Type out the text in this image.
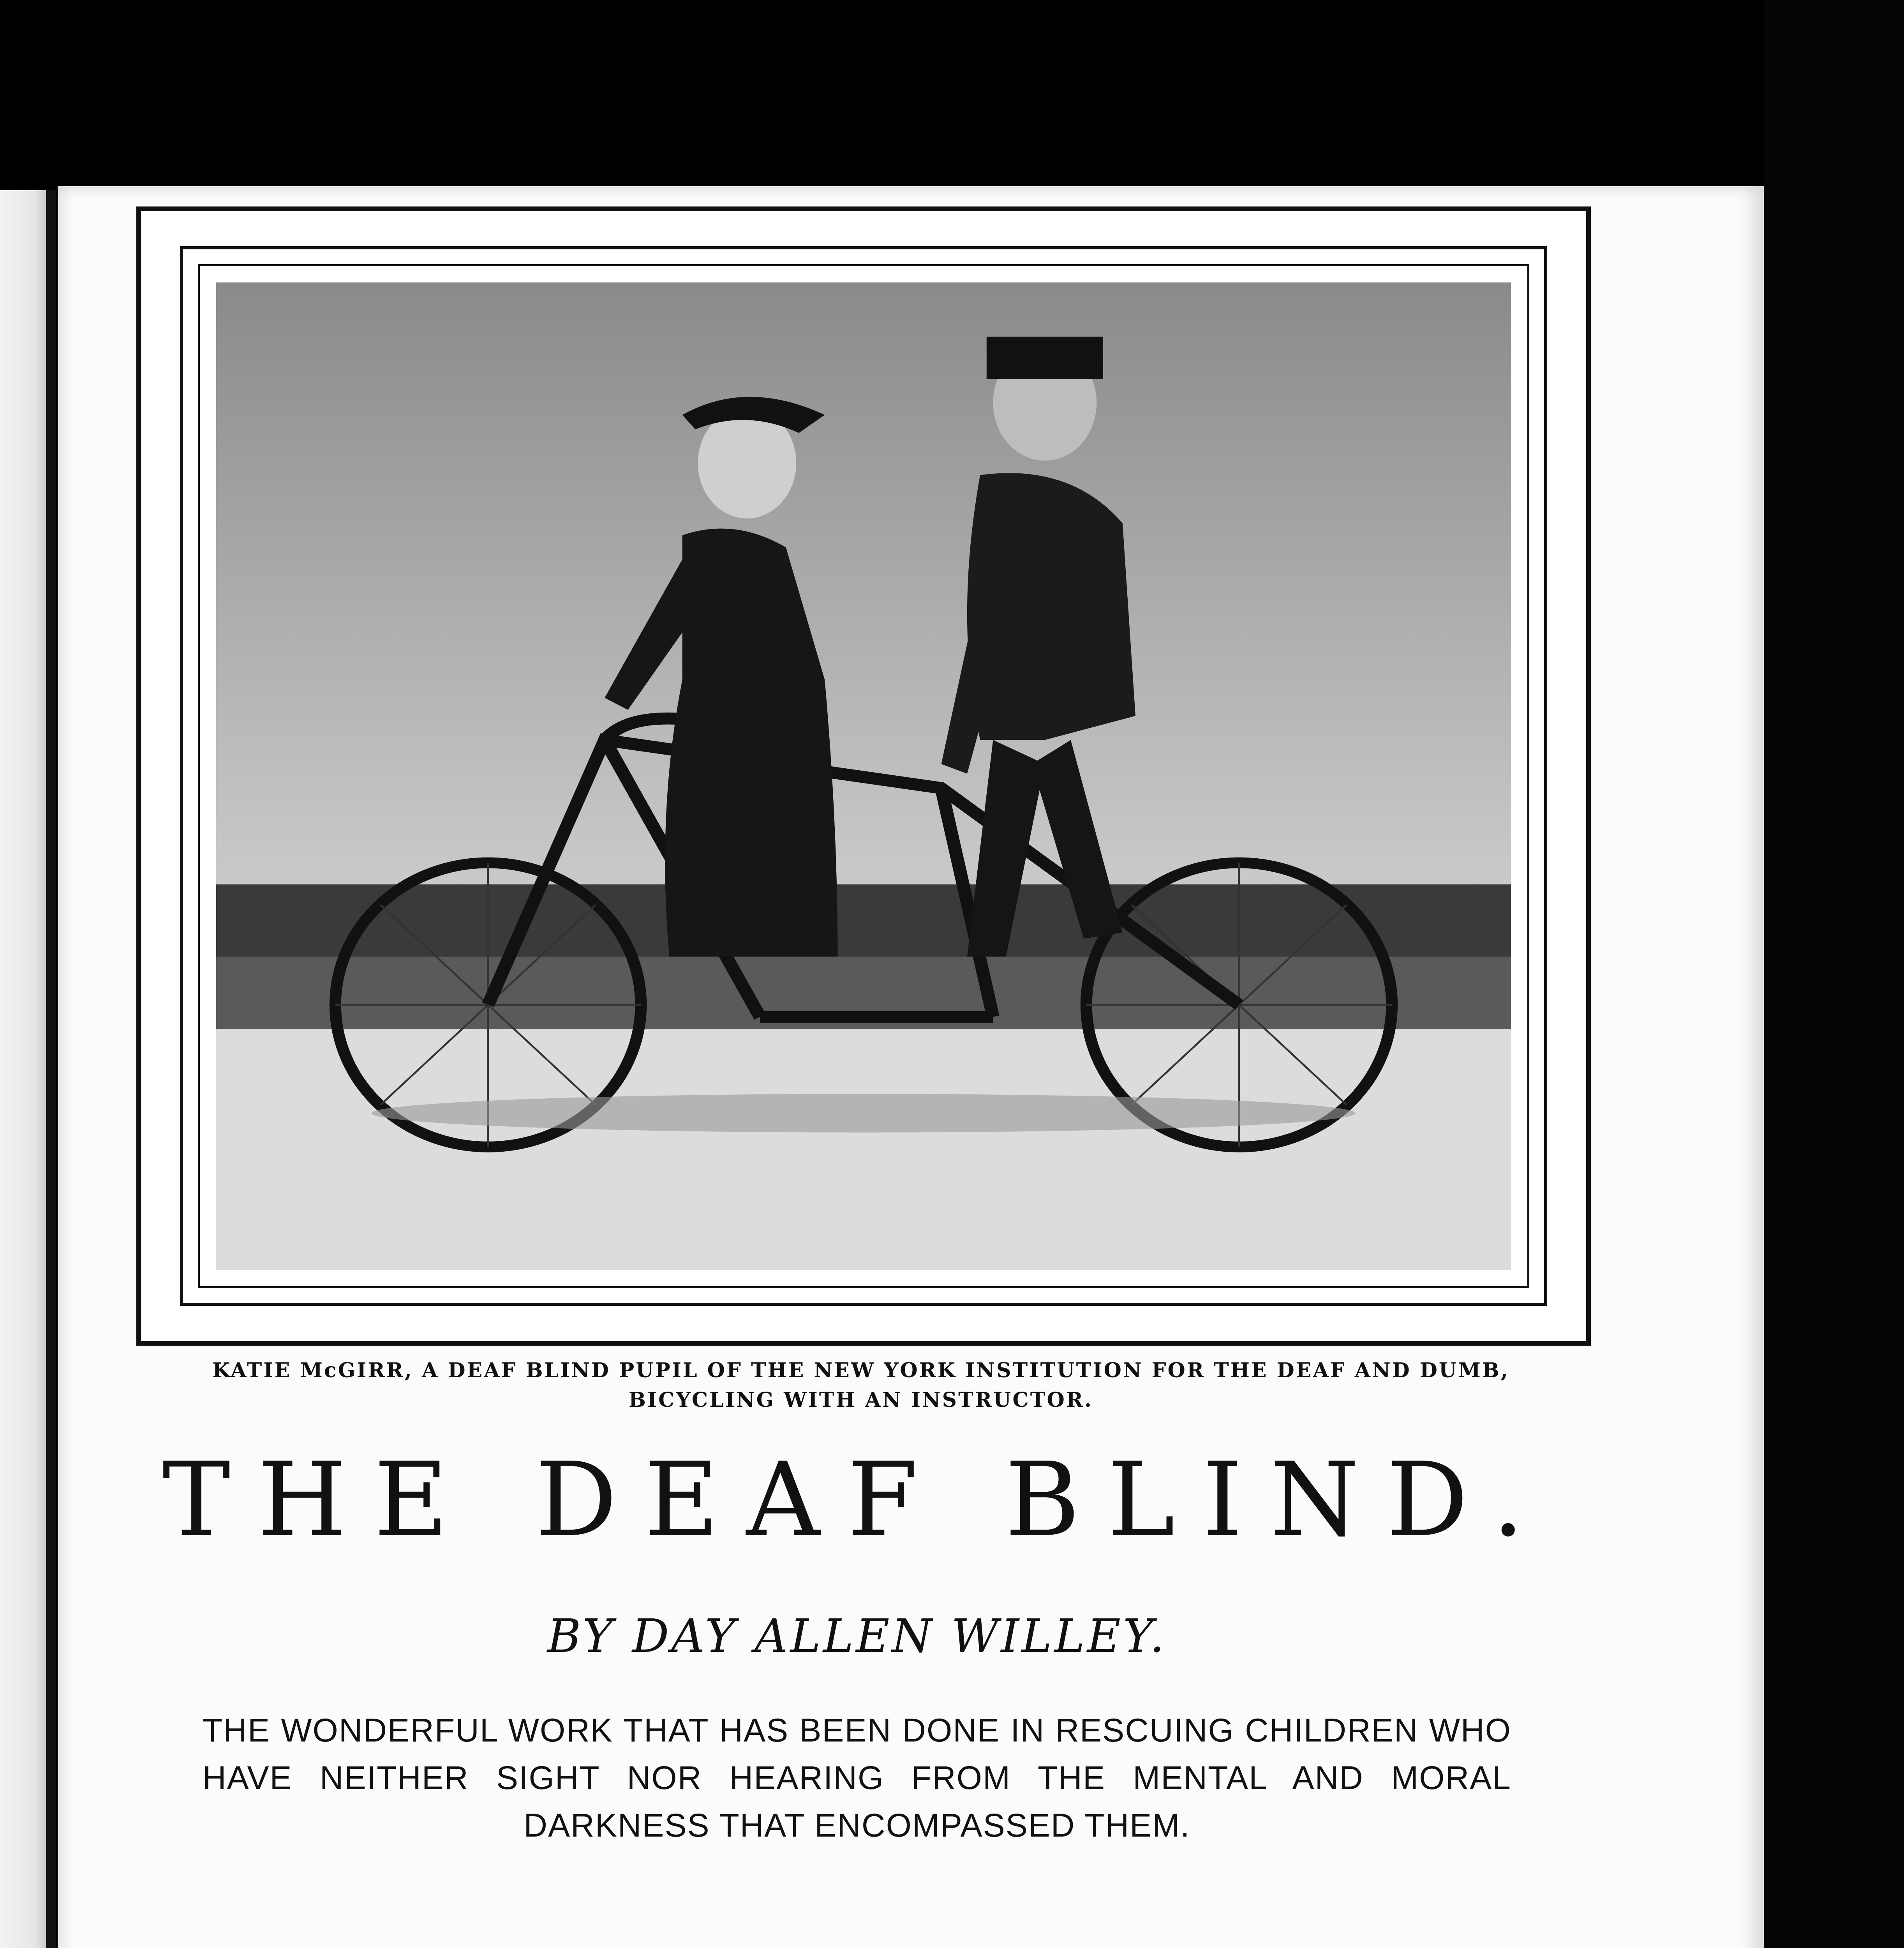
KATIE McGIRR, A DEAF BLIND PUPIL OF THE NEW YORK INSTITUTION FOR THE DEAF AND DUMB,
BICYCLING WITH AN INSTRUCTOR.
THE DEAF BLIND.
BY DAY ALLEN WILLEY.
THE WONDERFUL WORK THAT HAS BEEN DONE IN RESCUING CHILDREN WHO HAVE NEITHER SIGHT NOR HEARING FROM THE MENTAL AND MORAL DARKNESS THAT ENCOMPASSED THEM.
